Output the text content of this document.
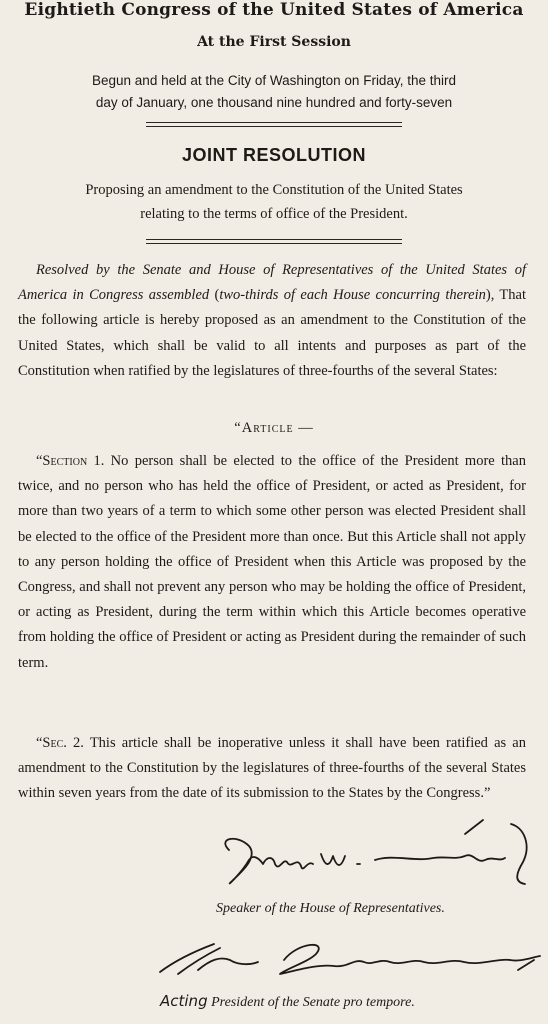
Eightieth Congress of the United States of America
At the First Session
Begun and held at the City of Washington on Friday, the third
day of January, one thousand nine hundred and forty-seven
JOINT RESOLUTION
Proposing an amendment to the Constitution of the United States
relating to the terms of office of the President.

Resolved by the Senate and House of Representatives of the United States of America in Congress assembled (two-thirds of each House concurring therein), That the following article is hereby proposed as an amendment to the Constitution of the United States, which shall be valid to all intents and purposes as part of the Constitution when ratified by the legislatures of three-fourths of the several States:

“Article —

“Section 1. No person shall be elected to the office of the President more than twice, and no person who has held the office of President, or acted as President, for more than two years of a term to which some other person was elected President shall be elected to the office of the President more than once. But this Article shall not apply to any person holding the office of President when this Article was proposed by the Congress, and shall not prevent any person who may be holding the office of President, or acting as President, during the term within which this Article becomes operative from holding the office of President or acting as President during the remainder of such term.

“Sec. 2. This article shall be inoperative unless it shall have been ratified as an amendment to the Constitution by the legislatures of three-fourths of the several States within seven years from the date of its submission to the States by the Congress.”

Speaker of the House of Representatives.
Acting President of the Senate pro tempore.
